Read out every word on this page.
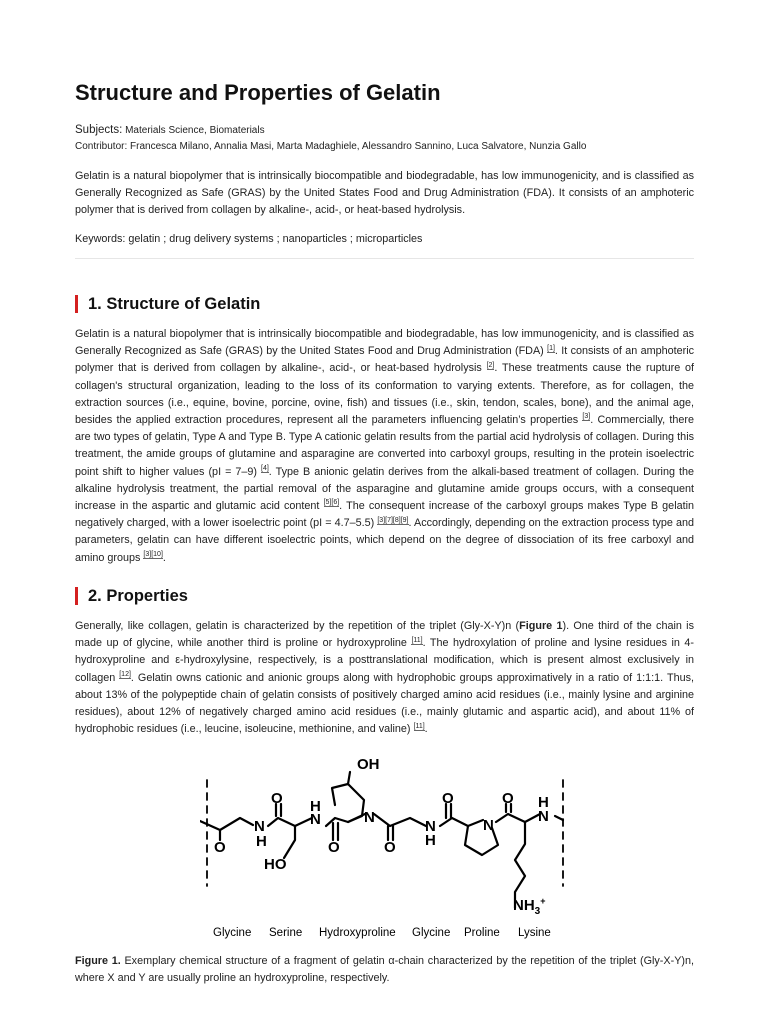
Structure and Properties of Gelatin
Subjects: Materials Science, Biomaterials
Contributor: Francesca Milano, Annalia Masi, Marta Madaghiele, Alessandro Sannino, Luca Salvatore, Nunzia Gallo

Gelatin is a natural biopolymer that is intrinsically biocompatible and biodegradable, has low immunogenicity, and is classified as Generally Recognized as Safe (GRAS) by the United States Food and Drug Administration (FDA). It consists of an amphoteric polymer that is derived from collagen by alkaline-, acid-, or heat-based hydrolysis.

Keywords: gelatin ; drug delivery systems ; nanoparticles ; microparticles

1. Structure of Gelatin

Gelatin is a natural biopolymer that is intrinsically biocompatible and biodegradable, has low immunogenicity, and is classified as Generally Recognized as Safe (GRAS) by the United States Food and Drug Administration (FDA) [1]. It consists of an amphoteric polymer that is derived from collagen by alkaline-, acid-, or heat-based hydrolysis [2]. These treatments cause the rupture of collagen's structural organization, leading to the loss of its conformation to varying extents. Therefore, as for collagen, the extraction sources (i.e., equine, bovine, porcine, ovine, fish) and tissues (i.e., skin, tendon, scales, bone), and the animal age, besides the applied extraction procedures, represent all the parameters influencing gelatin’s properties [3]. Commercially, there are two types of gelatin, Type A and Type B. Type A cationic gelatin results from the partial acid hydrolysis of collagen. During this treatment, the amide groups of glutamine and asparagine are converted into carboxyl groups, resulting in the protein isoelectric point shift to higher values (pI = 7–9) [4]. Type B anionic gelatin derives from the alkali-based treatment of collagen. During the alkaline hydrolysis treatment, the partial removal of the asparagine and glutamine amide groups occurs, with a consequent increase in the aspartic and glutamic acid content [5][6]. The consequent increase of the carboxyl groups makes Type B gelatin negatively charged, with a lower isoelectric point (pI = 4.7–5.5) [3][7][8][9]. Accordingly, depending on the extraction process type and parameters, gelatin can have different isoelectric points, which depend on the degree of dissociation of its free carboxyl and amino groups [3][10].

2. Properties

Generally, like collagen, gelatin is characterized by the repetition of the triplet (Gly-X-Y)n (Figure 1). One third of the chain is made up of glycine, while another third is proline or hydroxyproline [11]. The hydroxylation of proline and lysine residues in 4-hydroxyproline and ε-hydroxylysine, respectively, is a posttranslational modification, which is present almost exclusively in collagen [12]. Gelatin owns cationic and anionic groups along with hydrophobic groups approximatively in a ratio of 1:1:1. Thus, about 13% of the polypeptide chain of gelatin consists of positively charged amino acid residues (i.e., mainly lysine and arginine residues), about 12% of negatively charged amino acid residues (i.e., mainly glutamic and aspartic acid), and about 11% of hydrophobic residues (i.e., leucine, isoleucine, methionine, and valine) [11].

Figure 1. Exemplary chemical structure of a fragment of gelatin α-chain characterized by the repetition of the triplet (Gly-X-Y)n, where X and Y are usually proline an hydroxyproline, respectively.

OH
O
O
O	O
O	O
N
H
H
N	N
N
H
N
H
N
HO
$NH_3^+$
Glycine Serine Hydroxyproline Glycine Proline Lysine
